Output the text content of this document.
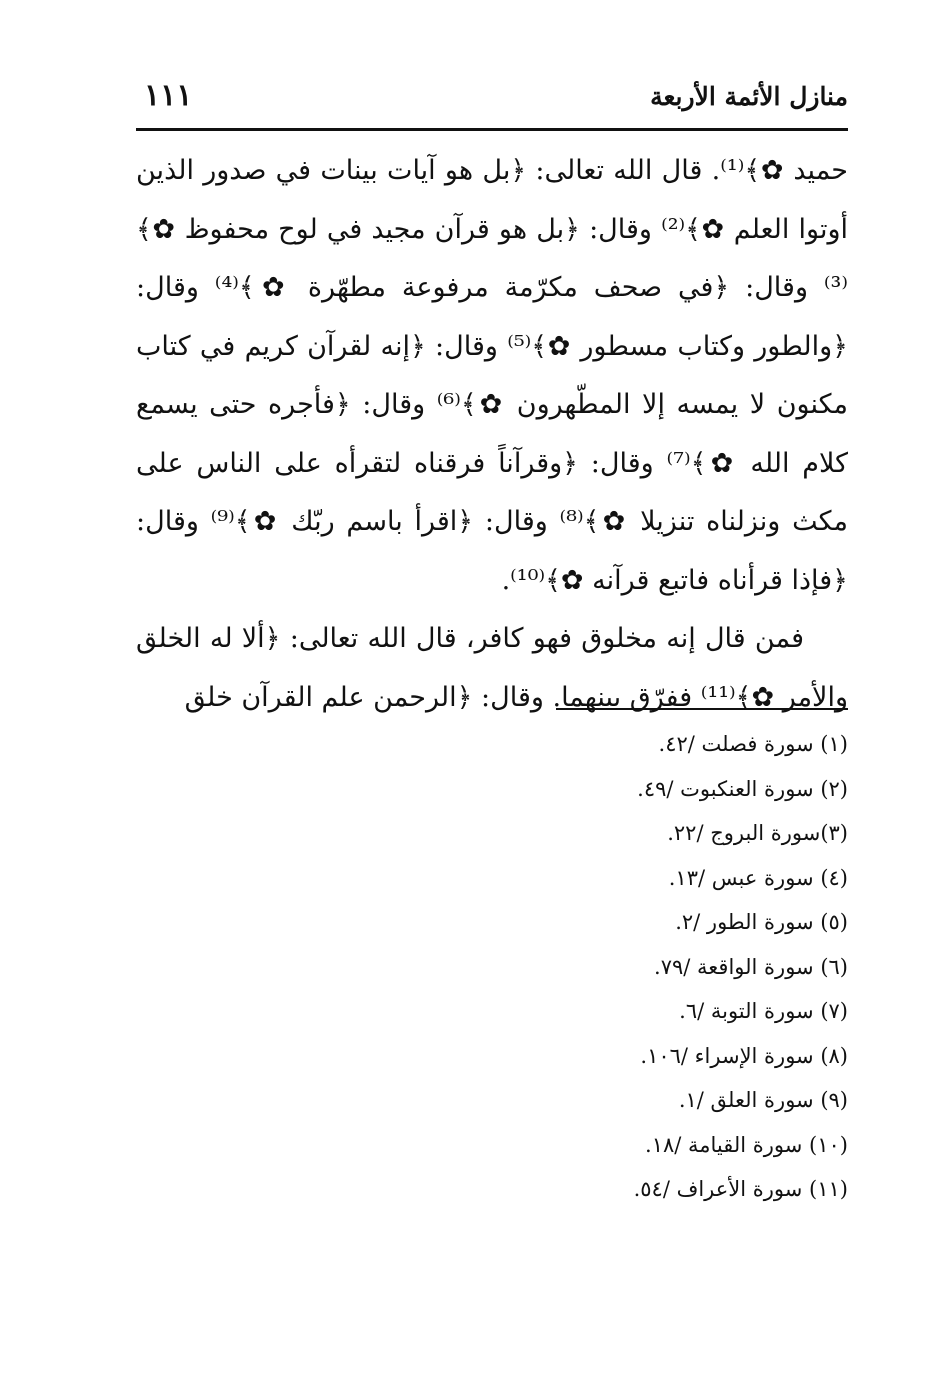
منازل الأئمة الأربعة
١١١

حميد ✿﴾⁽¹⁾. قال الله تعالى: ﴿بل هو آيات بينات في صدور الذين أوتوا العلم ✿﴾⁽²⁾ وقال: ﴿بل هو قرآن مجيد في لوح محفوظ ✿﴾⁽³⁾ وقال: ﴿في صحف مكرّمة مرفوعة مطهّرة ✿﴾⁽⁴⁾ وقال: ﴿والطور وكتاب مسطور ✿﴾⁽⁵⁾ وقال: ﴿إنه لقرآن كريم في كتاب مكنون لا يمسه إلا المطّهرون ✿﴾⁽⁶⁾ وقال: ﴿فأجره حتى يسمع كلام الله ✿﴾⁽⁷⁾ وقال: ﴿وقرآناً فرقناه لتقرأه على الناس على مكث ونزلناه تنزيلا ✿﴾⁽⁸⁾ وقال: ﴿اقرأ باسم ربّك ✿﴾⁽⁹⁾ وقال: ﴿فإذا قرأناه فاتبع قرآنه ✿﴾⁽¹⁰⁾.

فمن قال إنه مخلوق فهو كافر، قال الله تعالى: ﴿ألا له الخلق والأمر ✿﴾⁽¹¹⁾ ففرّق بينهما. وقال: ﴿الرحمن علم القرآن خلق

(١) سورة فصلت /٤٢.
(٢) سورة العنكبوت /٤٩.
(٣)سورة البروج /٢٢.
(٤) سورة عبس /١٣.
(٥) سورة الطور /٢.
(٦) سورة الواقعة /٧٩.
(٧) سورة التوبة /٦.
(٨) سورة الإسراء /١٠٦.
(٩) سورة العلق /١.
(١٠) سورة القيامة /١٨.
(١١) سورة الأعراف /٥٤.
